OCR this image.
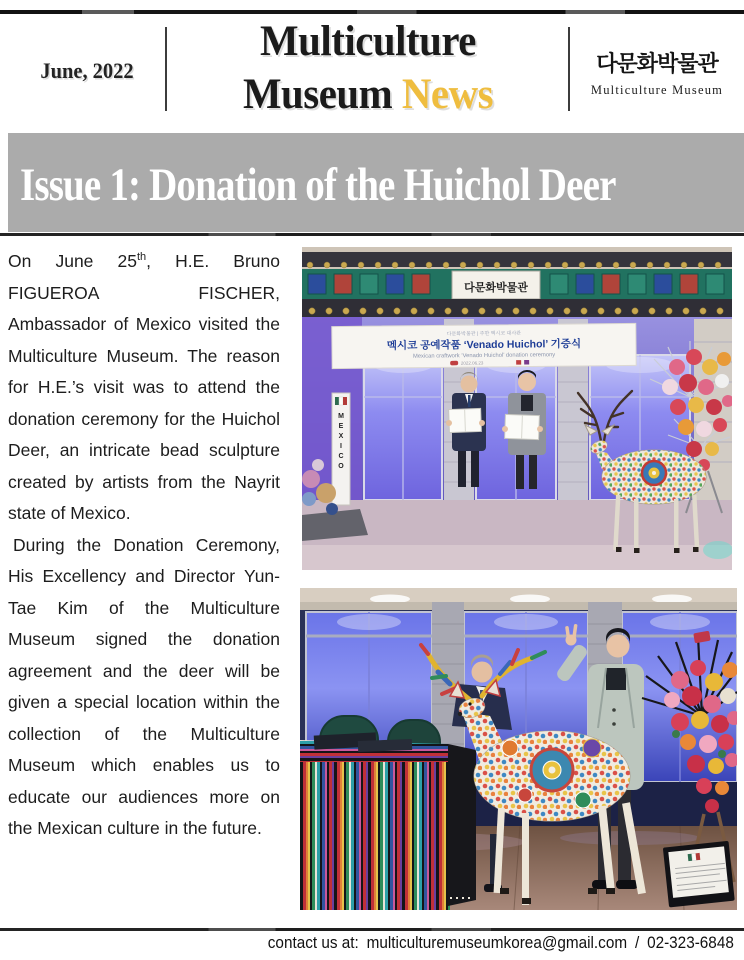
June, 2022
Multiculture
Museum News
다문화박물관
Multiculture Museum
Issue 1: Donation of the Huichol Deer

On June 25th, H.E. Bruno FIGUEROA FISCHER, Ambassador of Mexico visited the Multiculture Museum. The reason for H.E.’s visit was to attend the donation ceremony for the Huichol Deer, an intricate bead sculpture created by artists from the Nayrit state of Mexico.

During the Donation Ceremony, His Excellency and Director Yun-Tae Kim of the Multiculture Museum signed the donation agreement and the deer will be given a special location within the collection of the Multiculture Museum which enables us to educate our audiences more on the Mexican culture in the future.

다문화박물관
다문화박물관 | 주한 멕시코 대사관
멕시코 공예작품 ‘Venado Huichol’ 기증식
Mexican craftwork ‘Venado Huichol’ donation ceremony
2022.06.23
MEXICO
contact us at: multiculturemuseumkorea@gmail.com / 02-323-6848
